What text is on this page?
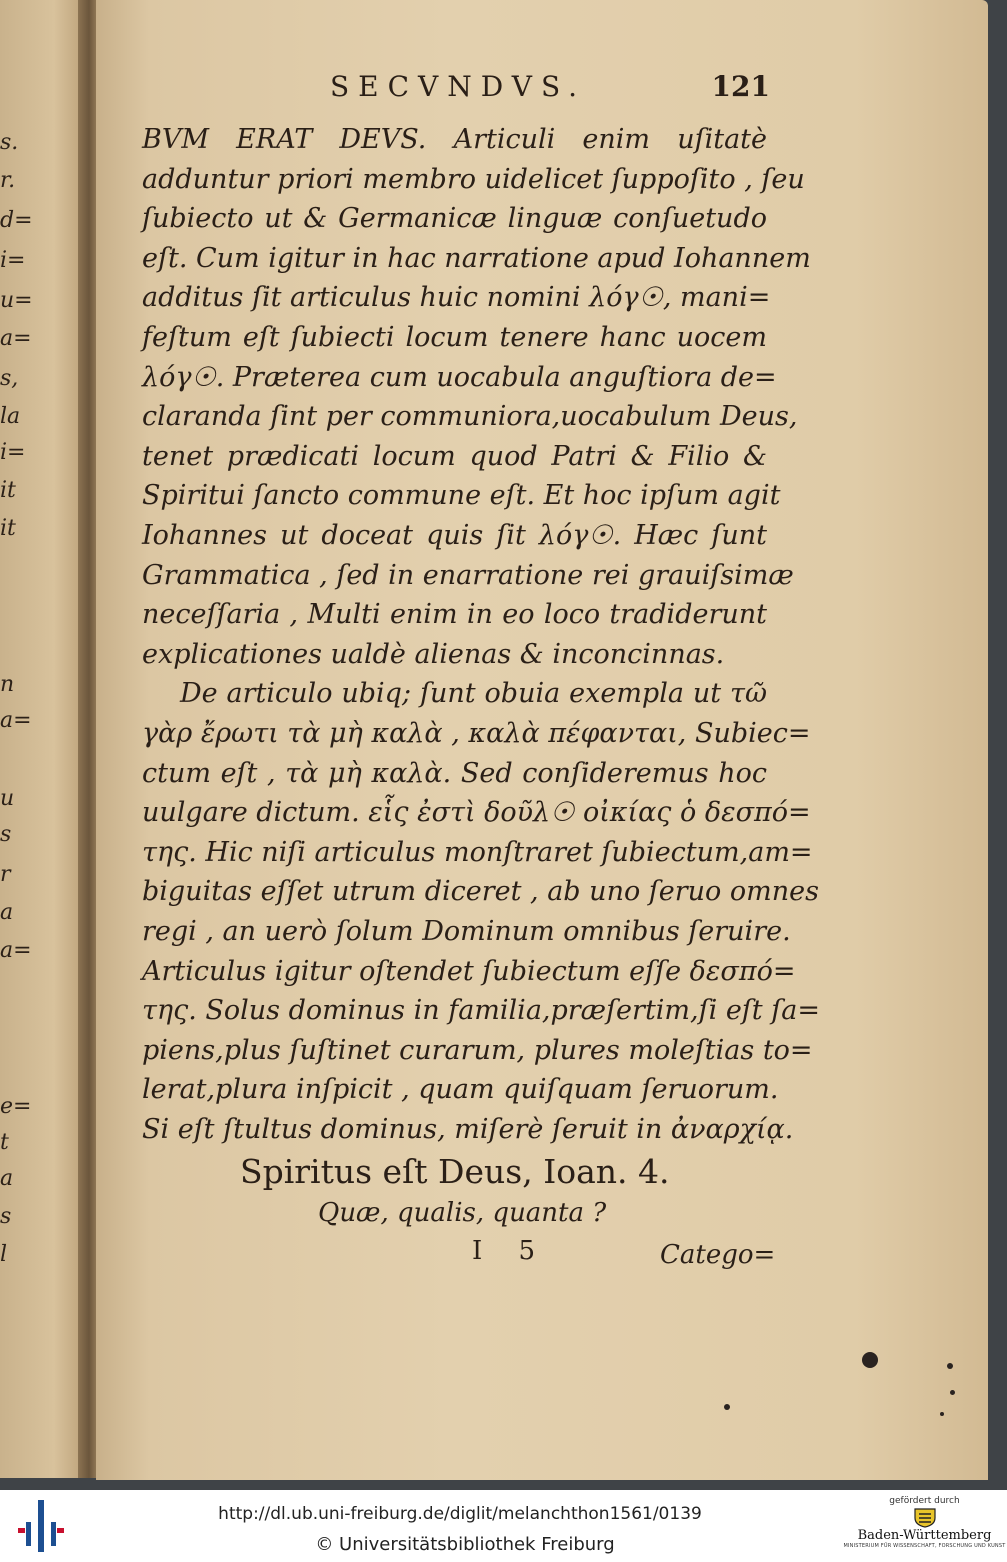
s.
r.
d=
i=
u=
a=
s,
la
i=
it
it
n
a=
u
s
r
a
a=
e=
t
a
s
l
SECVNDVS.	121
BVM ERAT DEVS. Articuli enim uſitatè
adduntur priori membro uidelicet ſuppoſito , ſeu
ſubiecto ut & Germanicæ linguæ conſuetudo
eſt. Cum igitur in hac narratione apud Iohannem
additus ſit articulus huic nomini λόγ☉, mani=
feſtum eſt ſubiecti locum tenere hanc uocem
λόγ☉. Præterea cum uocabula anguſtiora de=
claranda ſint per communiora,uocabulum Deus,
tenet prædicati locum quod Patri & Filio &
Spiritui ſancto commune eſt. Et hoc ipſum agit
Iohannes ut doceat quis ſit λόγ☉. Hæc ſunt
Grammatica , ſed in enarratione rei grauiſsimæ
neceſſaria , Multi enim in eo loco tradiderunt
explicationes ualdè alienas & inconcinnas.
De articulo ubiq; ſunt obuia exempla ut τῶ
γὰρ ἔρωτι τὰ μὴ καλὰ , καλὰ πέφανται, Subiec=
ctum eſt , τὰ μὴ καλὰ. Sed conſideremus hoc
uulgare dictum. εἷς ἐστὶ δοῦλ☉ οἰκίας ὁ δεσπό=
της. Hic niſi articulus monſtraret ſubiectum,am=
biguitas eſſet utrum diceret , ab uno ſeruo omnes
regi , an uerò ſolum Dominum omnibus ſeruire.
Articulus igitur oſtendet ſubiectum eſſe δεσπό=
της. Solus dominus in familia,præſertim,ſi eſt ſa=
piens,plus ſuſtinet curarum, plures moleſtias to=
lerat,plura inſpicit , quam quiſquam ſeruorum.
Si eſt ſtultus dominus, miſerè ſeruit in ἀναρχίᾳ.
Spiritus eſt Deus, Ioan. 4.
Quæ, qualis, quanta ?
I 5	Catego=
http://dl.ub.uni-freiburg.de/diglit/melanchthon1561/0139
© Universitätsbibliothek Freiburg
gefördert durch
Baden-Württemberg
MINISTERIUM FÜR WISSENSCHAFT, FORSCHUNG UND KUNST
